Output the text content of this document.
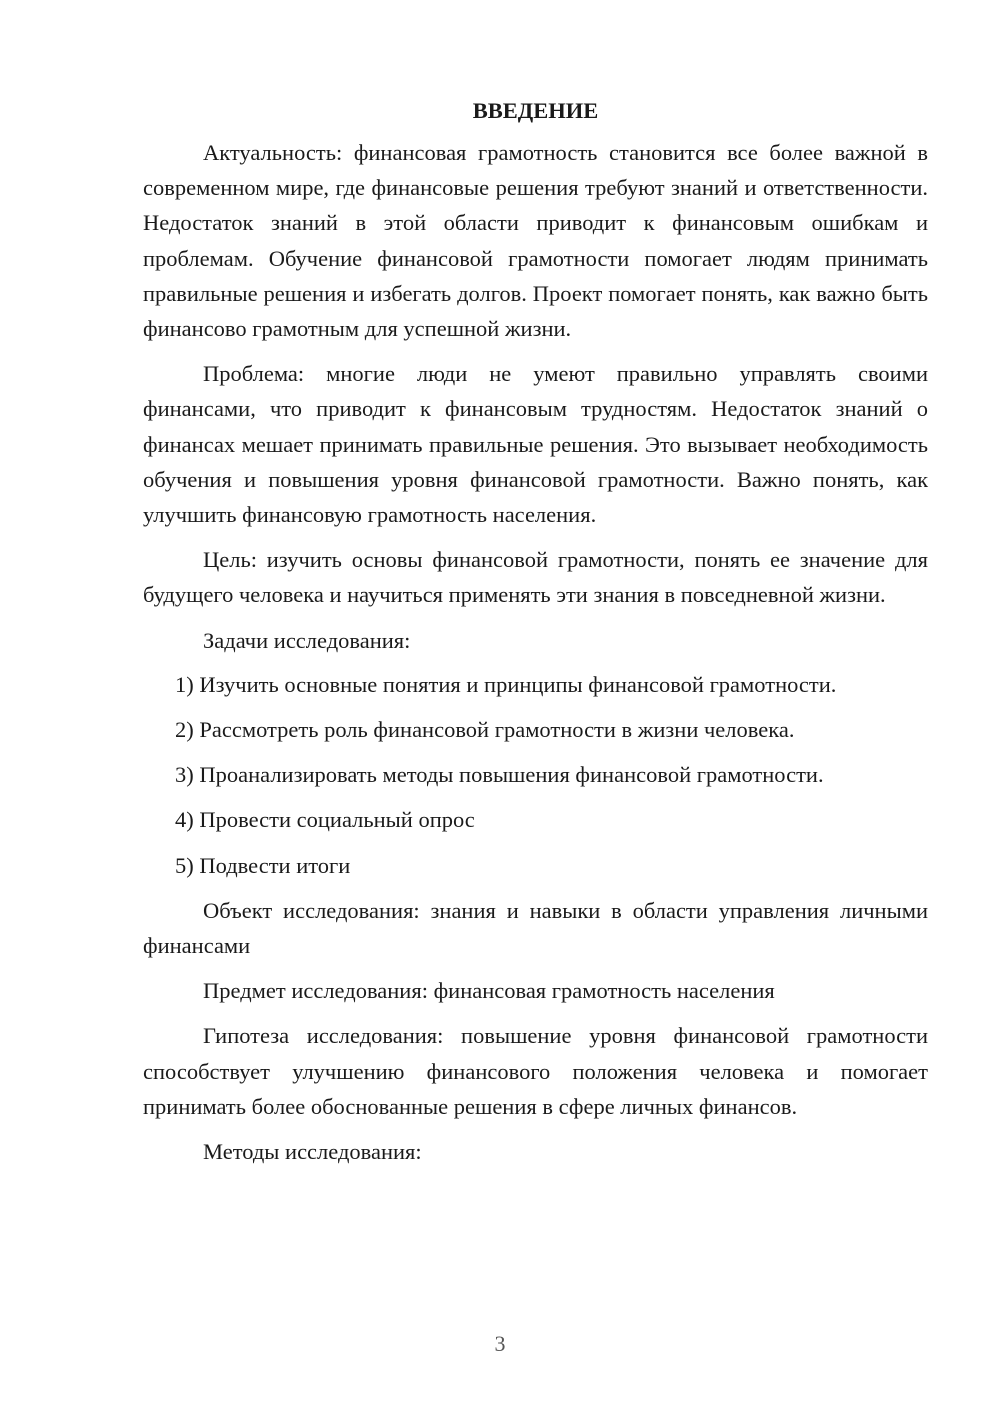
ВВЕДЕНИЕ

Актуальность: финансовая грамотность становится все более важной в современном мире, где финансовые решения требуют знаний и ответственности. Недостаток знаний в этой области приводит к финансовым ошибкам и проблемам. Обучение финансовой грамотности помогает людям принимать правильные решения и избегать долгов. Проект помогает понять, как важно быть финансово грамотным для успешной жизни.

Проблема: многие люди не умеют правильно управлять своими финансами, что приводит к финансовым трудностям. Недостаток знаний о финансах мешает принимать правильные решения. Это вызывает необходимость обучения и повышения уровня финансовой грамотности. Важно понять, как улучшить финансовую грамотность населения.

Цель: изучить основы финансовой грамотности, понять ее значение для будущего человека и научиться применять эти знания в повседневной жизни.

Задачи исследования:

1) Изучить основные понятия и принципы финансовой грамотности.
2) Рассмотреть роль финансовой грамотности в жизни человека.
3) Проанализировать методы повышения финансовой грамотности.
4) Провести социальный опрос
5) Подвести итоги

Объект исследования: знания и навыки в области управления личными финансами

Предмет исследования: финансовая грамотность населения

Гипотеза исследования: повышение уровня финансовой грамотности способствует улучшению финансового положения человека и помогает принимать более обоснованные решения в сфере личных финансов.

Методы исследования:

3
